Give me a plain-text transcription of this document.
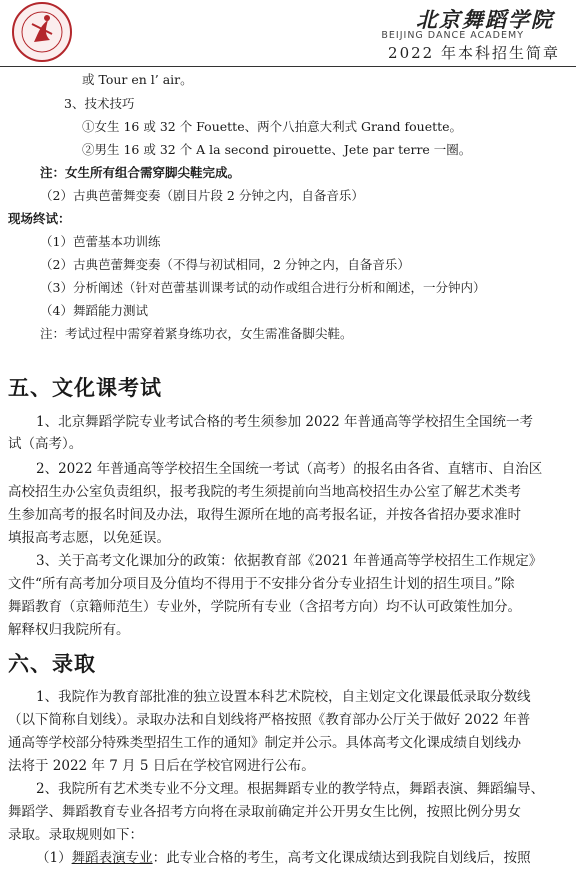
北京舞蹈学院
BEIJING DANCE ACADEMY
2022 年本科招生简章
或 Tour en l’ air。
3、技术技巧
①女生 16 或 32 个 Fouette、两个八拍意大利式 Grand fouette。
②男生 16 或 32 个 A la second pirouette、Jete par terre 一圈。
注：女生所有组合需穿脚尖鞋完成。
（2）古典芭蕾舞变奏（剧目片段 2 分钟之内，自备音乐）
现场终试：
（1）芭蕾基本功训练
（2）古典芭蕾舞变奏（不得与初试相同，2 分钟之内，自备音乐）
（3）分析阐述（针对芭蕾基训课考试的动作或组合进行分析和阐述，一分钟内）
（4）舞蹈能力测试
注：考试过程中需穿着紧身练功衣，女生需准备脚尖鞋。
五、文化课考试
1、北京舞蹈学院专业考试合格的考生须参加 2022 年普通高等学校招生全国统一考
试（高考）。
2、2022 年普通高等学校招生全国统一考试（高考）的报名由各省、直辖市、自治区
高校招生办公室负责组织，报考我院的考生须提前向当地高校招生办公室了解艺术类考
生参加高考的报名时间及办法，取得生源所在地的高考报名证，并按各省招办要求准时
填报高考志愿，以免延误。
3、关于高考文化课加分的政策：依据教育部《2021 年普通高等学校招生工作规定》
文件“所有高考加分项目及分值均不得用于不安排分省分专业招生计划的招生项目。”除
舞蹈教育（京籍师范生）专业外，学院所有专业（含招考方向）均不认可政策性加分。
解释权归我院所有。
六、录取
1、我院作为教育部批准的独立设置本科艺术院校，自主划定文化课最低录取分数线
（以下简称自划线）。录取办法和自划线将严格按照《教育部办公厅关于做好 2022 年普
通高等学校部分特殊类型招生工作的通知》制定并公示。具体高考文化课成绩自划线办
法将于 2022 年 7 月 5 日后在学校官网进行公布。
2、我院所有艺术类专业不分文理。根据舞蹈专业的教学特点，舞蹈表演、舞蹈编导、
舞蹈学、舞蹈教育专业各招考方向将在录取前确定并公开男女生比例，按照比例分男女
录取。录取规则如下：
（1）舞蹈表演专业：此专业合格的考生，高考文化课成绩达到我院自划线后，按照
